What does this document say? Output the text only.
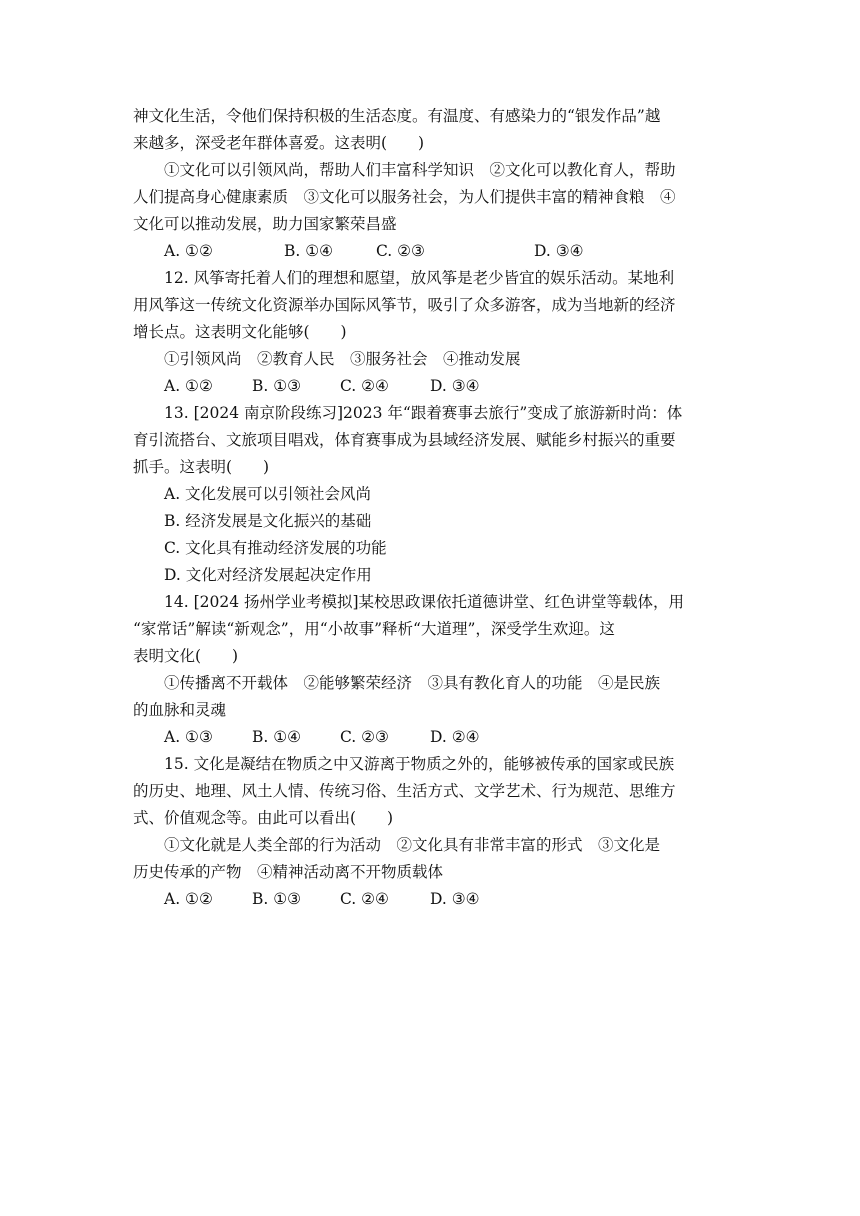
神文化生活，令他们保持积极的生活态度。有温度、有感染力的“银发作品”越
来越多，深受老年群体喜爱。这表明(　　)
①文化可以引领风尚，帮助人们丰富科学知识　②文化可以教化育人，帮助
人们提高身心健康素质　③文化可以服务社会，为人们提供丰富的精神食粮　④
文化可以推动发展，助力国家繁荣昌盛
A. ①②	B. ①④	C. ②③	D. ③④
12. 风筝寄托着人们的理想和愿望，放风筝是老少皆宜的娱乐活动。某地利
用风筝这一传统文化资源举办国际风筝节，吸引了众多游客，成为当地新的经济
增长点。这表明文化能够(　　)
①引领风尚　②教育人民　③服务社会　④推动发展
A. ①②	B. ①③	C. ②④	D. ③④
13. [2024 南京阶段练习]2023 年“跟着赛事去旅行”变成了旅游新时尚：体
育引流搭台、文旅项目唱戏，体育赛事成为县域经济发展、赋能乡村振兴的重要
抓手。这表明(　　)
A. 文化发展可以引领社会风尚
B. 经济发展是文化振兴的基础
C. 文化具有推动经济发展的功能
D. 文化对经济发展起决定作用
14. [2024 扬州学业考模拟]某校思政课依托道德讲堂、红色讲堂等载体，用
“家常话”解读“新观念”，用“小故事”释析“大道理”，深受学生欢迎。这
表明文化(　　)
①传播离不开载体　②能够繁荣经济　③具有教化育人的功能　④是民族
的血脉和灵魂
A. ①③	B. ①④	C. ②③	D. ②④
15. 文化是凝结在物质之中又游离于物质之外的，能够被传承的国家或民族
的历史、地理、风土人情、传统习俗、生活方式、文学艺术、行为规范、思维方
式、价值观念等。由此可以看出(　　)
①文化就是人类全部的行为活动　②文化具有非常丰富的形式　③文化是
历史传承的产物　④精神活动离不开物质载体
A. ①②	B. ①③	C. ②④	D. ③④
